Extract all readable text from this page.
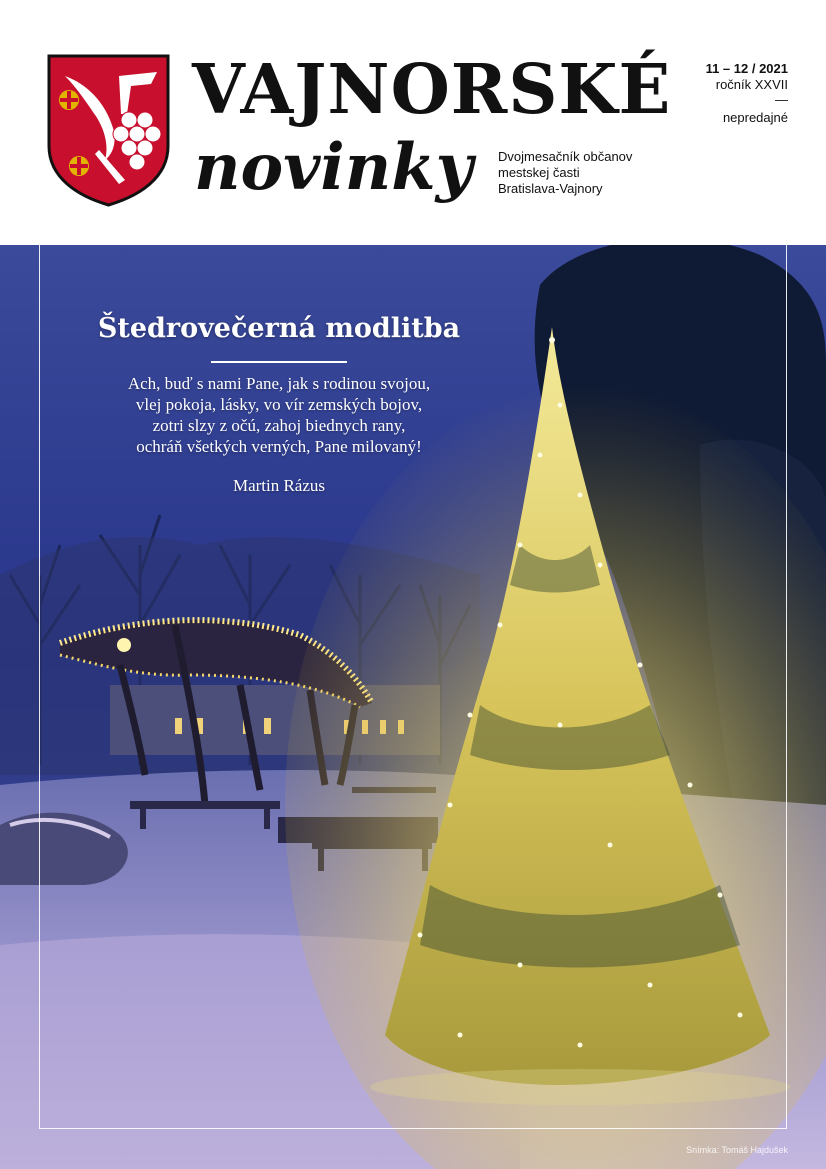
VAJNORSKÉ
novinky Dvojmesačník občanov
mestskej časti
Bratislava-Vajnory
11 – 12 / 2021
ročník XXVII
—
nepredajné
Štedrovečerná modlitba
Ach, buď s nami Pane, jak s rodinou svojou,
vlej pokoja, lásky, vo vír zemských bojov,
zotri slzy z očú, zahoj biednych rany,
ochráň všetkých verných, Pane milovaný!
Martin Rázus
Snímka: Tomáš Hajdušek
